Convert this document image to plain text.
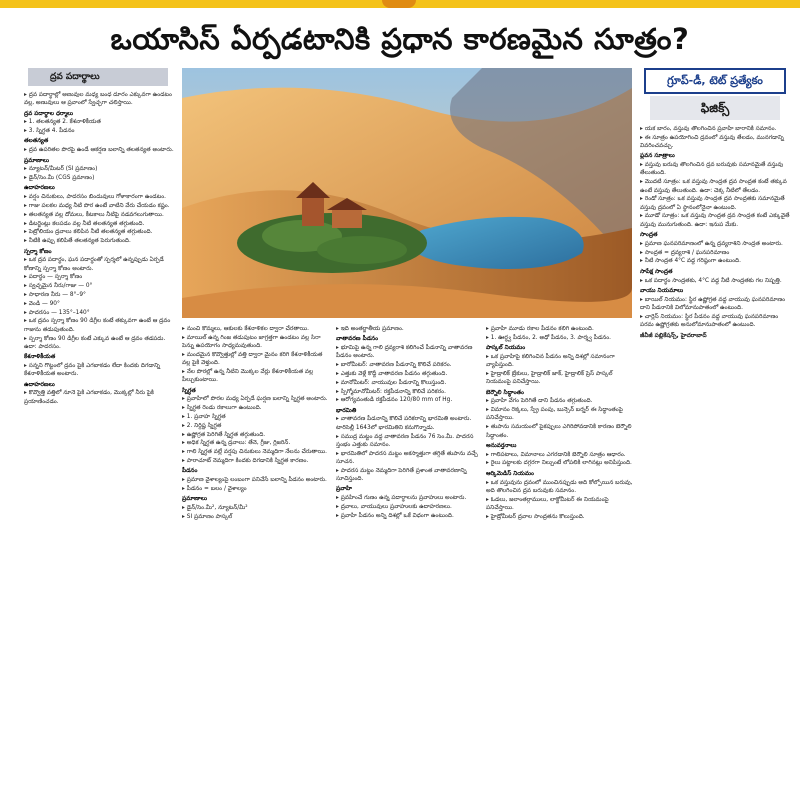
ఒయాసిస్ ఏర్పడటానికి ప్రధాన కారణమైన సూత్రం?
ద్రవ పదార్థాలు

▸ ద్రవ పదార్థాల్లో అణువుల మధ్య బంధ దూరం ఎక్కువగా ఉండటం వల్ల, అణువులు ఆ ప్రవాంలో స్వేచ్ఛగా చలిస్తాయి.

ద్రవ పదార్థాల ధర్మాలు

▸ 1. తలతన్యత 2. కేశనాళికీయత

▸ 3. స్నిగ్ధత 4. పీడనం

తలతన్యత

▸ ద్రవ ఉపరితల పొరపై ఉండే ఆకర్షణ బలాన్ని తలతన్యత అంటారు.

ప్రమాణాలు

▸ న్యూటన్/మీటర్ (SI ప్రమాణం)

▸ డైన్/సెం.మీ (CGS ప్రమాణం)

ఉదాహరణలు

▸ వర్షం చినుకులు, పాదరసం బిందువులు గోళాకారంగా ఉండటం.

▸ గాజు పలకల మధ్య నీటి పొర ఉంటే వాటిని వేరు చేయడం కష్టం.

▸ తలతన్యత వల్ల దోమలు, కీటకాలు నీటిపై నడవగలుగుతాయి.

▸ డిటర్జెంట్లు కలపడం వల్ల నీటి తలతన్యత తగ్గుతుంది.

▸ పెట్రోలియం ద్రవాలు కలిపిన నీటి తలతన్యత తగ్గుతుంది.

▸ నీటికి ఉప్పు కలిపితే తలతన్యత పెరుగుతుంది.

స్పర్శా కోణం

▸ ఒక ద్రవ పదార్థం, ఘన పదార్థంతో స్పర్శలో ఉన్నప్పుడు ఏర్పడే కోణాన్ని స్పర్శా కోణం అంటారు.

▸ పదార్థం — స్పర్శా కోణం

▸ స్వచ్ఛమైన నీరు/గాజు — 0°

▸ సాధారణ నీరు — 8°–9°

▸ వెండి — 90°

▸ పాదరసం — 135°–140°

▸ ఒక ద్రవం స్పర్శా కోణం 90 డిగ్రీల కంటే తక్కువగా ఉంటే ఆ ద్రవం గాజును తడుపుతుంది.

▸ స్పర్శా కోణం 90 డిగ్రీల కంటే ఎక్కువ ఉంటే ఆ ద్రవం తడపదు. ఉదా: పాదరసం.

కేశనాళికీయత

▸ సన్నని గొట్టంలో ద్రవం పైకి ఎగబాకడం లేదా కిందకు దిగడాన్ని కేశనాళికీయత అంటారు.

ఉదాహరణలు

▸ కొవ్వొత్తి వత్తిలో నూనె పైకి ఎగబాకడం, మొక్కల్లో నీరు పైకి ప్రయాణించడం.

▸ నుంచి కొమ్మలు, ఆకులకు కేశనాళికల ద్వారా చేరతాయి.

▸ మాయిల్ ఉన్న గింజ తడుపుటం జాగ్రత్తగా ఉండటం వల్ల సిరా పెన్ను ఉపయోగం సాధ్యమవుతుంది.

▸ మందమైన కొవ్వొత్తుల్లో వత్తి ద్వారా మైనం కరిగి కేశనాళికీయత వల్ల పైకి వెళ్తుంది.

▸ నేల పొరల్లో ఉన్న నీటిని మొక్కల వేర్లు కేశనాళికీయత వల్ల పీల్చుకుంటాయి.

స్నిగ్ధత

▸ ప్రవాహిలో పొరల మధ్య ఏర్పడే ఘర్షణ బలాన్ని స్నిగ్ధత అంటారు.

▸ స్నిగ్ధత రెండు రకాలుగా ఉంటుంది.

▸ 1. ప్రవాహ స్నిగ్ధత

▸ 2. నిర్దిష్ట స్నిగ్ధత

▸ ఉష్ణోగ్రత పెరిగితే స్నిగ్ధత తగ్గుతుంది.

▸ అధిక స్నిగ్ధత ఉన్న ద్రవాలు: తేనె, గ్రీజు, గ్లిజరిన్.

▸ గాలి స్నిగ్ధత వల్లే వర్షపు చినుకులు నెమ్మదిగా నేలను చేరుతాయి.

▸ పారాచూట్ నెమ్మదిగా కిందకు దిగడానికి స్నిగ్ధత కారణం.

పీడనం

▸ ప్రమాణ వైశాల్యంపై లంబంగా పనిచేసే బలాన్ని పీడనం అంటారు.

▸ పీడనం = బలం / వైశాల్యం

ప్రమాణాలు

▸ డైన్/సెం.మీ², న్యూటన్/మీ²

▸ SI ప్రమాణం పాస్కల్

▸ ఇది అంతర్జాతీయ ప్రమాణం.

వాతావరణ పీడనం

▸ భూమిపై ఉన్న గాలి ద్రవ్యరాశి కలిగించే పీడనాన్ని వాతావరణ పీడనం అంటారు.

▸ బారోమీటర్: వాతావరణ పీడనాన్ని కొలిచే పరికరం.

▸ ఎత్తుకు వెళ్లే కొద్దీ వాతావరణ పీడనం తగ్గుతుంది.

▸ మానోమీటర్: వాయువుల పీడనాన్ని కొలుస్తుంది.

▸ స్పిగ్మోమానోమీటర్: రక్తపీడనాన్ని కొలిచే పరికరం.

▸ ఆరోగ్యవంతుడి రక్తపీడనం 120/80 mm of Hg.

భారమితి

▸ వాతావరణ పీడనాన్ని కొలిచే పరికరాన్ని భారమితి అంటారు. టారిసెల్లీ 1643లో భారమితిని కనుగొన్నాడు.

▸ సముద్ర మట్టం వద్ద వాతావరణ పీడనం 76 సెం.మీ. పాదరస స్తంభం ఎత్తుకు సమానం.

▸ భారమితిలో పాదరస మట్టం అకస్మాత్తుగా తగ్గితే తుపాను వచ్చే సూచన.

▸ పాదరస మట్టం నెమ్మదిగా పెరిగితే ప్రశాంత వాతావరణాన్ని సూచిస్తుంది.

ప్రవాహి

▸ ప్రవహించే గుణం ఉన్న పదార్థాలను ప్రవాహులు అంటారు.

▸ ద్రవాలు, వాయువులు ప్రవాహులకు ఉదాహరణలు.

▸ ప్రవాహి పీడనం అన్ని దిశల్లో ఒకే విధంగా ఉంటుంది.

▸ ప్రవాహి మూడు రకాల పీడనం కలిగి ఉంటుంది.

▸ 1. ఊర్ధ్వ పీడనం, 2. అధో పీడనం, 3. పార్శ్వ పీడనం.

పాస్కల్ నియమం

▸ ఒక ప్రవాహిపై కలిగించిన పీడనం అన్ని దిశల్లో సమానంగా వ్యాపిస్తుంది.

▸ హైడ్రాలిక్ బ్రేకులు, హైడ్రాలిక్ జాక్, హైడ్రాలిక్ ప్రెస్ పాస్కల్ నియమంపై పనిచేస్తాయి.

బెర్నౌలి సిద్ధాంతం

▸ ప్రవాహి వేగం పెరిగితే దాని పీడనం తగ్గుతుంది.

▸ విమానం రెక్కలు, స్ప్రే పంపు, బున్సెన్ బర్నర్ ఈ సిద్ధాంతంపై పనిచేస్తాయి.

▸ తుపాను సమయంలో పైకప్పులు ఎగిరిపోవడానికి కారణం బెర్నౌలి సిద్ధాంతం.

అనువర్తనాలు

▸ గాలిపటాలు, విమానాలు ఎగరడానికి బెర్నౌలి సూత్రం ఆధారం.

▸ రైలు పట్టాలకు దగ్గరగా నిల్చుంటే లోపలికి లాగినట్లు అనిపిస్తుంది.

ఆర్కిమెడిస్ నియమం

▸ ఒక వస్తువును ద్రవంలో ముంచినప్పుడు అది కోల్పోయిన బరువు, అది తొలగించిన ద్రవ బరువుకు సమానం.

▸ ఓడలు, జలాంతర్గాములు, లాక్టోమీటర్ ఈ నియమంపై పనిచేస్తాయి.

▸ హైడ్రోమీటర్ ద్రవాల సాంద్రతను కొలుస్తుంది.

గ్రూప్-డీ, టెట్ ప్రత్యేకం
ఫిజిక్స్

▸ యక బారం, వస్తువు తొలగించిన ప్రవాహి బారానికి సమానం.

▸ ఈ సూత్రం ఉపయోగించి ద్రవంలో వస్తువు తేలడం, మునగడాన్ని వివరించవచ్చు.

ప్లవన సూత్రాలు

▸ వస్తువు బరువు తొలగించిన ద్రవ బరువుకు సమానమైతే వస్తువు తేలుతుంది.

▸ మొదటి సూత్రం: ఒక వస్తువు సాంద్రత ద్రవ సాంద్రత కంటే తక్కువ ఉంటే వస్తువు తేలుతుంది. ఉదా: చెక్క నీటిలో తేలడం.

▸ రెండో సూత్రం: ఒక వస్తువు సాంద్రత ద్రవ సాంద్రతకు సమానమైతే వస్తువు ద్రవంలో ఏ స్థానంలోనైనా ఉంటుంది.

▸ మూడో సూత్రం: ఒక వస్తువు సాంద్రత ద్రవ సాంద్రత కంటే ఎక్కువైతే వస్తువు మునుగుతుంది. ఉదా: ఇనుప మేకు.

సాంద్రత

▸ ప్రమాణ ఘనపరిమాణంలో ఉన్న ద్రవ్యరాశిని సాంద్రత అంటారు.

▸ సాంద్రత = ద్రవ్యరాశి / ఘనపరిమాణం

▸ నీటి సాంద్రత 4°C వద్ద గరిష్ఠంగా ఉంటుంది.

సాపేక్ష సాంద్రత

▸ ఒక పదార్థం సాంద్రతకు, 4°C వద్ద నీటి సాంద్రతకు గల నిష్పత్తి.

వాయు నియమాలు

▸ బాయిల్ నియమం: స్థిర ఉష్ణోగ్రత వద్ద వాయువు ఘనపరిమాణం దాని పీడనానికి విలోమానుపాతంలో ఉంటుంది.

▸ చార్లెస్ నియమం: స్థిర పీడనం వద్ద వాయువు ఘనపరిమాణం పరమ ఉష్ణోగ్రతకు అనులోమానుపాతంలో ఉంటుంది.

జీవీజీ పబ్లికేషన్స్, హైదరాబాద్
